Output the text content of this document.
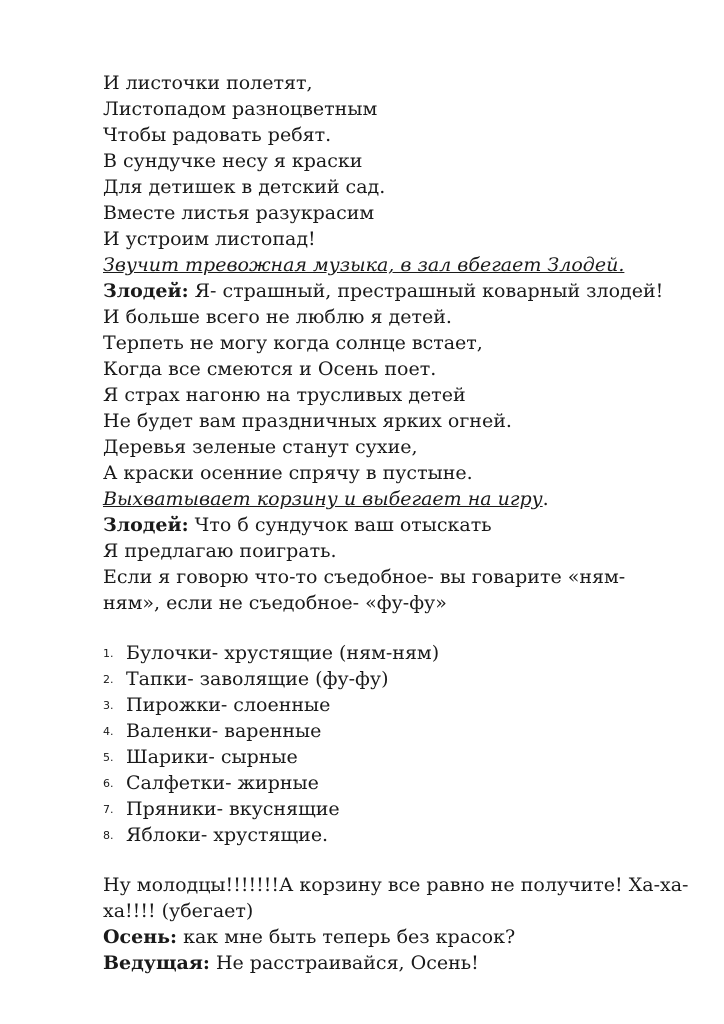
И листочки полетят,
Листопадом разноцветным
Чтобы радовать ребят.
В сундучке несу я краски
Для детишек в детский сад.
Вместе листья разукрасим
И устроим листопад!
Звучит тревожная музыка, в зал вбегает Злодей.
Злодей: Я- страшный, престрашный коварный злодей!
И больше всего не люблю я детей.
Терпеть не могу когда солнце встает,
Когда все смеются и Осень поет.
Я страх нагоню на трусливых детей
Не будет вам праздничных ярких огней.
Деревья зеленые станут сухие,
А краски осенние спрячу в пустыне.
Выхватывает корзину и выбегает на игру.
Злодей: Что б сундучок ваш отыскать
Я предлагаю поиграть.
Если я говорю что-то съедобное- вы говарите «ням-
ням», если не съедобное- «фу-фу»
1. Булочки- хрустящие (ням-ням)
2. Тапки- заволящие (фу-фу)
3. Пирожки- слоенные
4. Валенки- варенные
5. Шарики- сырные
6. Салфетки- жирные
7. Пряники- вкуснящие
8. Яблоки- хрустящие.
Ну молодцы!!!!!!!А корзину все равно не получите! Ха-ха-
ха!!!! (убегает)
Осень: как мне быть теперь без красок?
Ведущая: Не расстраивайся, Осень!
